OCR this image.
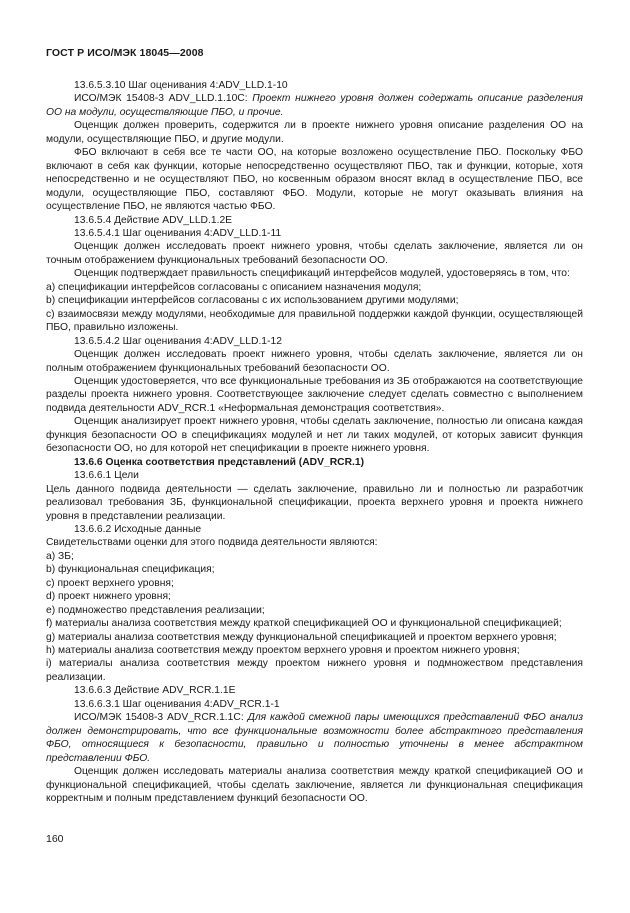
ГОСТ Р ИСО/МЭК 18045—2008

13.6.5.3.10 Шаг оценивания 4:ADV_LLD.1-10

ИСО/МЭК 15408-3 ADV_LLD.1.10С: Проект нижнего уровня должен содержать описание разделения ОО на модули, осуществляющие ПБО, и прочие.

Оценщик должен проверить, содержится ли в проекте нижнего уровня описание разделения ОО на модули, осуществляющие ПБО, и другие модули.

ФБО включают в себя все те части ОО, на которые возложено осуществление ПБО. Поскольку ФБО включают в себя как функции, которые непосредственно осуществляют ПБО, так и функции, которые, хотя непосредственно и не осуществляют ПБО, но косвенным образом вносят вклад в осуществление ПБО, все модули, осуществляющие ПБО, составляют ФБО. Модули, которые не могут оказывать влияния на осуществление ПБО, не являются частью ФБО.

13.6.5.4 Действие ADV_LLD.1.2E

13.6.5.4.1 Шаг оценивания 4:ADV_LLD.1-11

Оценщик должен исследовать проект нижнего уровня, чтобы сделать заключение, является ли он точным отображением функциональных требований безопасности ОО.

Оценщик подтверждает правильность спецификаций интерфейсов модулей, удостоверяясь в том, что:

a) спецификации интерфейсов согласованы с описанием назначения модуля;

b) спецификации интерфейсов согласованы с их использованием другими модулями;

c) взаимосвязи между модулями, необходимые для правильной поддержки каждой функции, осуществляющей ПБО, правильно изложены.

13.6.5.4.2 Шаг оценивания 4:ADV_LLD.1-12

Оценщик должен исследовать проект нижнего уровня, чтобы сделать заключение, является ли он полным отображением функциональных требований безопасности ОО.

Оценщик удостоверяется, что все функциональные требования из ЗБ отображаются на соответствующие разделы проекта нижнего уровня. Соответствующее заключение следует сделать совместно с выполнением подвида деятельности ADV_RCR.1 «Неформальная демонстрация соответствия».

Оценщик анализирует проект нижнего уровня, чтобы сделать заключение, полностью ли описана каждая функция безопасности ОО в спецификациях модулей и нет ли таких модулей, от которых зависит функция безопасности ОО, но для которой нет спецификации в проекте нижнего уровня.

13.6.6 Оценка соответствия представлений (ADV_RCR.1)

13.6.6.1 Цели

Цель данного подвида деятельности — сделать заключение, правильно ли и полностью ли разработчик реализовал требования ЗБ, функциональной спецификации, проекта верхнего уровня и проекта нижнего уровня в представлении реализации.

13.6.6.2 Исходные данные

Свидетельствами оценки для этого подвида деятельности являются:

a) ЗБ;

b) функциональная спецификация;

c) проект верхнего уровня;

d) проект нижнего уровня;

e) подмножество представления реализации;

f) материалы анализа соответствия между краткой спецификацией ОО и функциональной спецификацией;

g) материалы анализа соответствия между функциональной спецификацией и проектом верхнего уровня;

h) материалы анализа соответствия между проектом верхнего уровня и проектом нижнего уровня;

i) материалы анализа соответствия между проектом нижнего уровня и подмножеством представления реализации.

13.6.6.3 Действие ADV_RCR.1.1E

13.6.6.3.1 Шаг оценивания 4:ADV_RCR.1-1

ИСО/МЭК 15408-3 ADV_RCR.1.1С: Для каждой смежной пары имеющихся представлений ФБО анализ должен демонстрировать, что все функциональные возможности более абстрактного представления ФБО, относящиеся к безопасности, правильно и полностью уточнены в менее абстрактном представлении ФБО.

Оценщик должен исследовать материалы анализа соответствия между краткой спецификацией ОО и функциональной спецификацией, чтобы сделать заключение, является ли функциональная спецификация корректным и полным представлением функций безопасности ОО.

160
